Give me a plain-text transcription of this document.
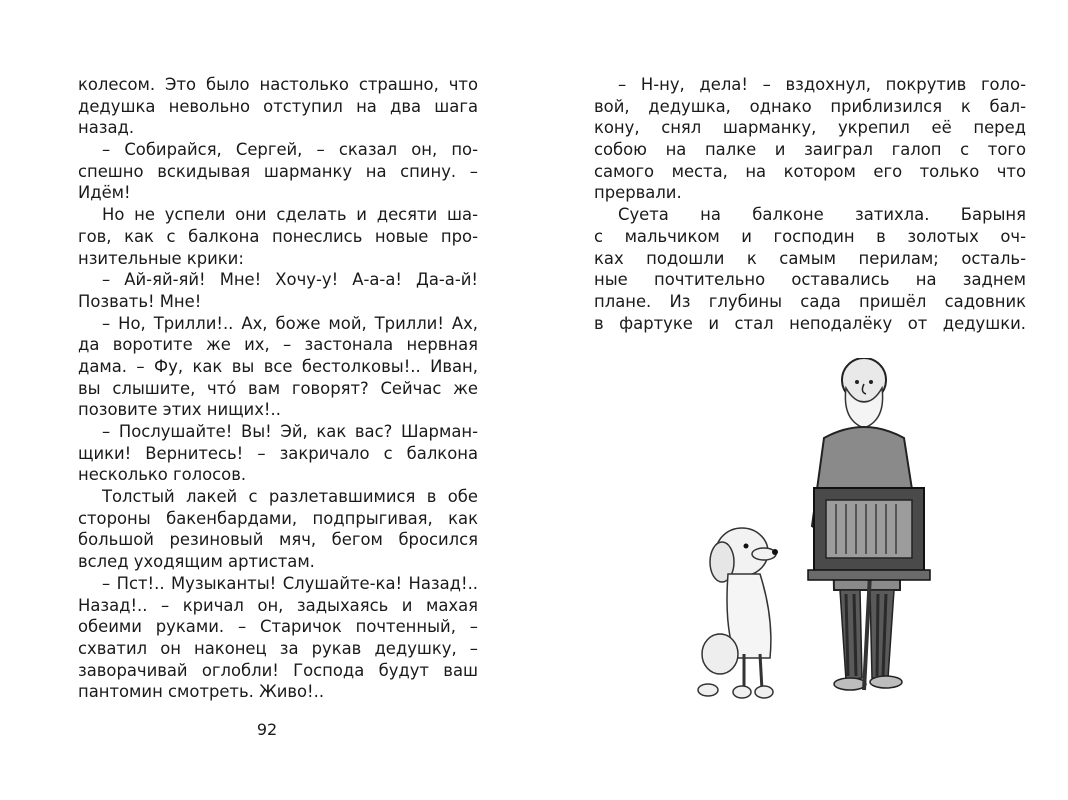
колесом. Это было настолько страшно, что
дедушка невольно отступил на два шага
назад.
– Собирайся, Сергей, – сказал он, по-
спешно вскидывая шарманку на спину. –
Идём!
Но не успели они сделать и десяти ша-
гов, как с балкона понеслись новые про-
нзительные крики:
– Ай-яй-яй! Мне! Хочу-у! А-а-а! Да-а-й!
Позвать! Мне!
– Но, Трилли!.. Ах, боже мой, Трилли! Ах,
да воротите же их, – застонала нервная
дама. – Фу, как вы все бестолковы!.. Иван,
вы слышите, что́ вам говорят? Сейчас же
позовите этих нищих!..
– Послушайте! Вы! Эй, как вас? Шарман-
щики! Вернитесь! – закричало с балкона
несколько голосов.
Толстый лакей с разлетавшимися в обе
стороны бакенбардами, подпрыгивая, как
большой резиновый мяч, бегом бросился
вслед уходящим артистам.
– Пст!.. Музыканты! Слушайте-ка! Назад!..
Назад!.. – кричал он, задыхаясь и махая
обеими руками. – Старичок почтенный, –
схватил он наконец за рукав дедушку, –
заворачивай оглобли! Господа будут ваш
пантомин смотреть. Живо!..
92
– Н-ну, дела! – вздохнул, покрутив голо-
вой, дедушка, однако приблизился к бал-
кону, снял шарманку, укрепил её перед
собою на палке и заиграл галоп с того
самого места, на котором его только что
прервали.
Суета на балконе затихла. Барыня
с мальчиком и господин в золотых оч-
ках подошли к самым перилам; осталь-
ные почтительно оставались на заднем
плане. Из глубины сада пришёл садовник
в фартуке и стал неподалёку от дедушки.
